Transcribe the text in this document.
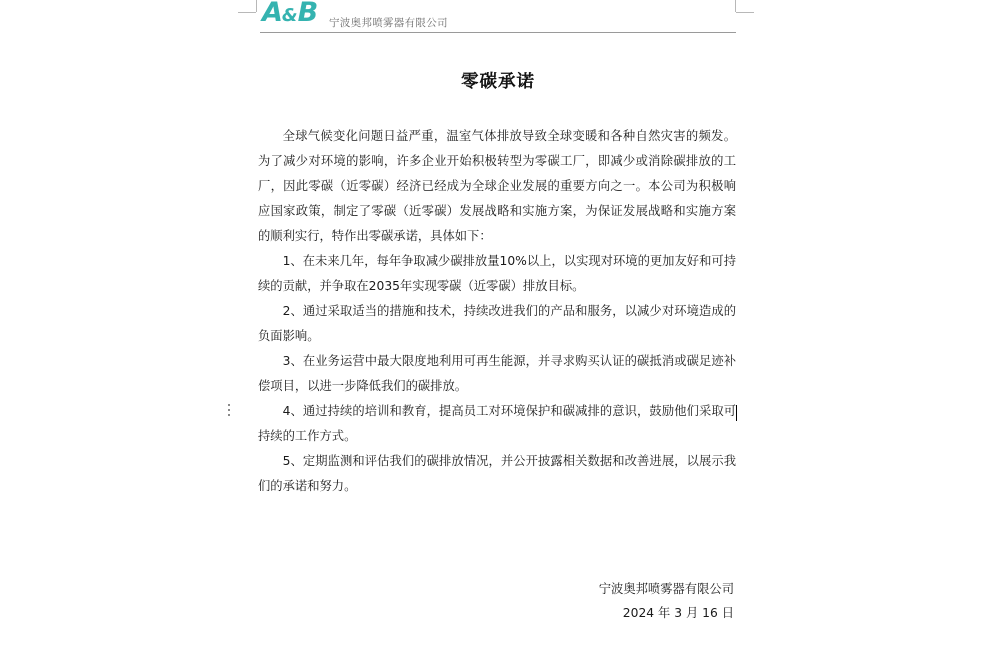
A&B 宁波奥邦喷雾器有限公司
零碳承诺

全球气候变化问题日益严重，温室气体排放导致全球变暖和各种自然灾害的频发。为了减少对环境的影响，许多企业开始积极转型为零碳工厂，即减少或消除碳排放的工厂，因此零碳（近零碳）经济已经成为全球企业发展的重要方向之一。本公司为积极响应国家政策，制定了零碳（近零碳）发展战略和实施方案，为保证发展战略和实施方案的顺利实行，特作出零碳承诺，具体如下：

1、在未来几年，每年争取减少碳排放量10%以上，以实现对环境的更加友好和可持续的贡献，并争取在2035年实现零碳（近零碳）排放目标。

2、通过采取适当的措施和技术，持续改进我们的产品和服务，以减少对环境造成的负面影响。

3、在业务运营中最大限度地利用可再生能源，并寻求购买认证的碳抵消或碳足迹补偿项目，以进一步降低我们的碳排放。

4、通过持续的培训和教育，提高员工对环境保护和碳减排的意识，鼓励他们采取可持续的工作方式。

5、定期监测和评估我们的碳排放情况，并公开披露相关数据和改善进展，以展示我们的承诺和努力。

宁波奥邦喷雾器有限公司
2024 年 3 月 16 日
